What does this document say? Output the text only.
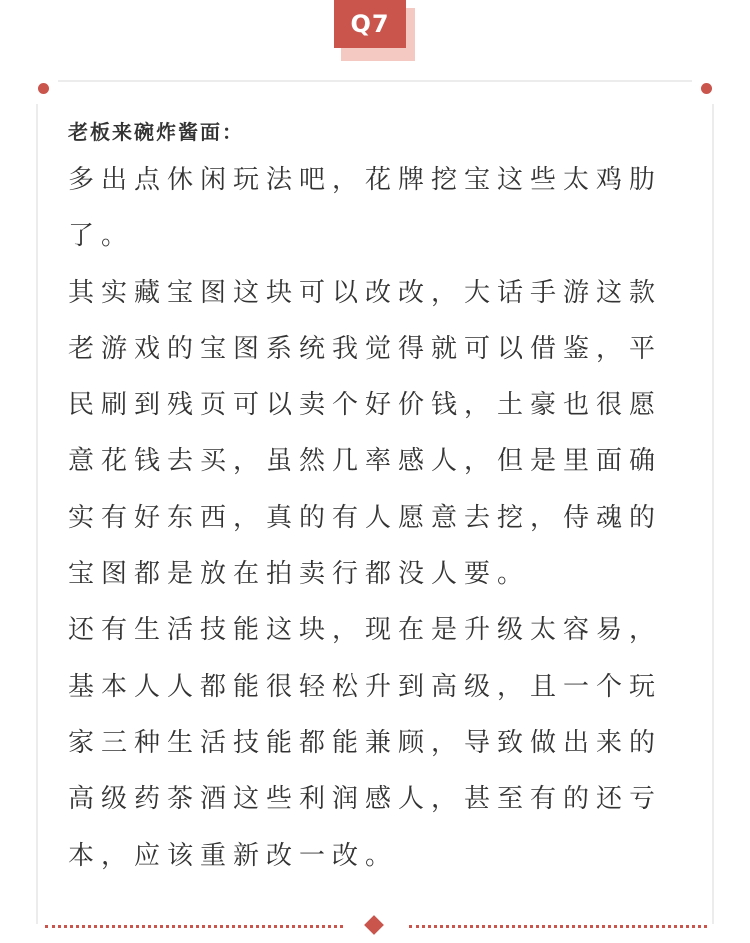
Q7

老板来碗炸酱面：

多出点休闲玩法吧，花牌挖宝这些太鸡肋

了。

其实藏宝图这块可以改改，大话手游这款

老游戏的宝图系统我觉得就可以借鉴，平

民刷到残页可以卖个好价钱，土豪也很愿

意花钱去买，虽然几率感人，但是里面确

实有好东西，真的有人愿意去挖，侍魂的

宝图都是放在拍卖行都没人要。

还有生活技能这块，现在是升级太容易，

基本人人都能很轻松升到高级，且一个玩

家三种生活技能都能兼顾，导致做出来的

高级药茶酒这些利润感人，甚至有的还亏

本，应该重新改一改。
